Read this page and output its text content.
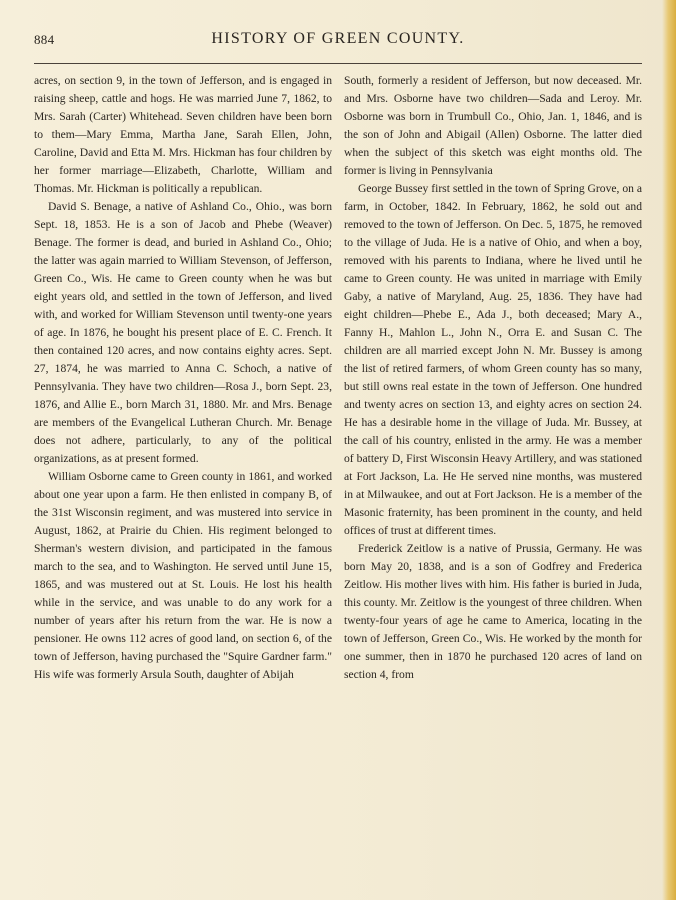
884	HISTORY OF GREEN COUNTY.

acres, on section 9, in the town of Jefferson, and is engaged in raising sheep, cattle and hogs. He was married June 7, 1862, to Mrs. Sarah (Carter) Whitehead. Seven children have been born to them—Mary Emma, Martha Jane, Sarah Ellen, John, Caroline, David and Etta M. Mrs. Hickman has four children by her former marriage—Elizabeth, Charlotte, William and Thomas. Mr. Hickman is politically a republican.

David S. Benage, a native of Ashland Co., Ohio., was born Sept. 18, 1853. He is a son of Jacob and Phebe (Weaver) Benage. The former is dead, and buried in Ashland Co., Ohio; the latter was again married to William Stevenson, of Jefferson, Green Co., Wis. He came to Green county when he was but eight years old, and settled in the town of Jefferson, and lived with, and worked for William Stevenson until twenty-one years of age. In 1876, he bought his present place of E. C. French. It then contained 120 acres, and now contains eighty acres. Sept. 27, 1874, he was married to Anna C. Schoch, a native of Pennsylvania. They have two children—Rosa J., born Sept. 23, 1876, and Allie E., born March 31, 1880. Mr. and Mrs. Benage are members of the Evangelical Lutheran Church. Mr. Benage does not adhere, particularly, to any of the political organizations, as at present formed.

William Osborne came to Green county in 1861, and worked about one year upon a farm. He then enlisted in company B, of the 31st Wisconsin regiment, and was mustered into service in August, 1862, at Prairie du Chien. His regiment belonged to Sherman's western division, and participated in the famous march to the sea, and to Washington. He served until June 15, 1865, and was mustered out at St. Louis. He lost his health while in the service, and was unable to do any work for a number of years after his return from the war. He is now a pensioner. He owns 112 acres of good land, on section 6, of the town of Jefferson, having purchased the "Squire Gardner farm." His wife was formerly Arsula South, daughter of Abijah

South, formerly a resident of Jefferson, but now deceased. Mr. and Mrs. Osborne have two children—Sada and Leroy. Mr. Osborne was born in Trumbull Co., Ohio, Jan. 1, 1846, and is the son of John and Abigail (Allen) Osborne. The latter died when the subject of this sketch was eight months old. The former is living in Pennsylvania

George Bussey first settled in the town of Spring Grove, on a farm, in October, 1842. In February, 1862, he sold out and removed to the town of Jefferson. On Dec. 5, 1875, he removed to the village of Juda. He is a native of Ohio, and when a boy, removed with his parents to Indiana, where he lived until he came to Green county. He was united in marriage with Emily Gaby, a native of Maryland, Aug. 25, 1836. They have had eight children—Phebe E., Ada J., both deceased; Mary A., Fanny H., Mahlon L., John N., Orra E. and Susan C. The children are all married except John N. Mr. Bussey is among the list of retired farmers, of whom Green county has so many, but still owns real estate in the town of Jefferson. One hundred and twenty acres on section 13, and eighty acres on section 24. He has a desirable home in the village of Juda. Mr. Bussey, at the call of his country, enlisted in the army. He was a member of battery D, First Wisconsin Heavy Artillery, and was stationed at Fort Jackson, La. He He served nine months, was mustered in at Milwaukee, and out at Fort Jackson. He is a member of the Masonic fraternity, has been prominent in the county, and held offices of trust at different times.

Frederick Zeitlow is a native of Prussia, Germany. He was born May 20, 1838, and is a son of Godfrey and Frederica Zeitlow. His mother lives with him. His father is buried in Juda, this county. Mr. Zeitlow is the youngest of three children. When twenty-four years of age he came to America, locating in the town of Jefferson, Green Co., Wis. He worked by the month for one summer, then in 1870 he purchased 120 acres of land on section 4, from
